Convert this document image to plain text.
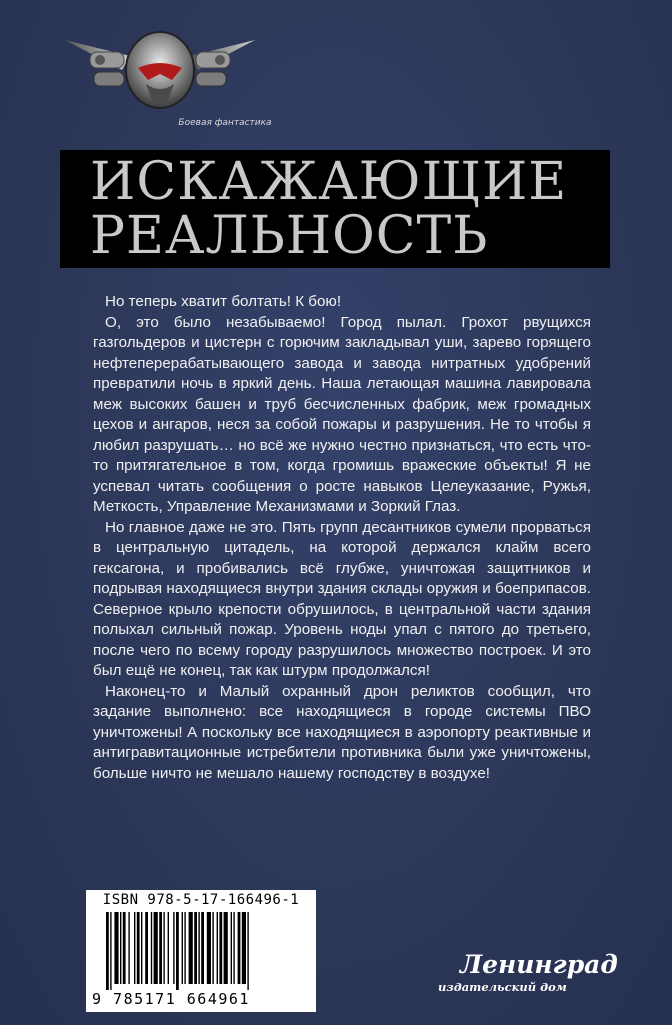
Боевая фантастика
ИСКАЖАЮЩИЕ
РЕАЛЬНОСТЬ

Но теперь хватит болтать! К бою!

О, это было незабываемо! Город пылал. Грохот рвущихся газгольдеров и цистерн с горючим закладывал уши, зарево горящего нефтеперерабатывающего завода и завода нитратных удобрений превратили ночь в яркий день. Наша летающая машина лавировала меж высоких башен и труб бесчисленных фабрик, меж громадных цехов и ангаров, неся за собой пожары и разрушения. Не то чтобы я любил разрушать… но всё же нужно честно признаться, что есть что-то притягательное в том, когда громишь вражеские объекты! Я не успевал читать сообщения о росте навыков Целеуказание, Ружья, Меткость, Управление Механизмами и Зоркий Глаз.

Но главное даже не это. Пять групп десантников сумели прорваться в центральную цитадель, на которой держался клайм всего гексагона, и пробивались всё глубже, уничтожая защитников и подрывая находящиеся внутри здания склады оружия и боеприпасов. Северное крыло крепости обрушилось, в центральной части здания полыхал сильный пожар. Уровень ноды упал с пятого до третьего, после чего по всему городу разрушилось множество построек. И это был ещё не конец, так как штурм продолжался!

Наконец-то и Малый охранный дрон реликтов сообщил, что задание выполнено: все находящиеся в городе системы ПВО уничтожены! А поскольку все находящиеся в аэропорту реактивные и антигравитационные истребители противника были уже уничтожены, больше ничто не мешало нашему господству в воздухе!

ISBN 978-5-17-166496-1
9 785171 664961
Ленинград
издательский дом
